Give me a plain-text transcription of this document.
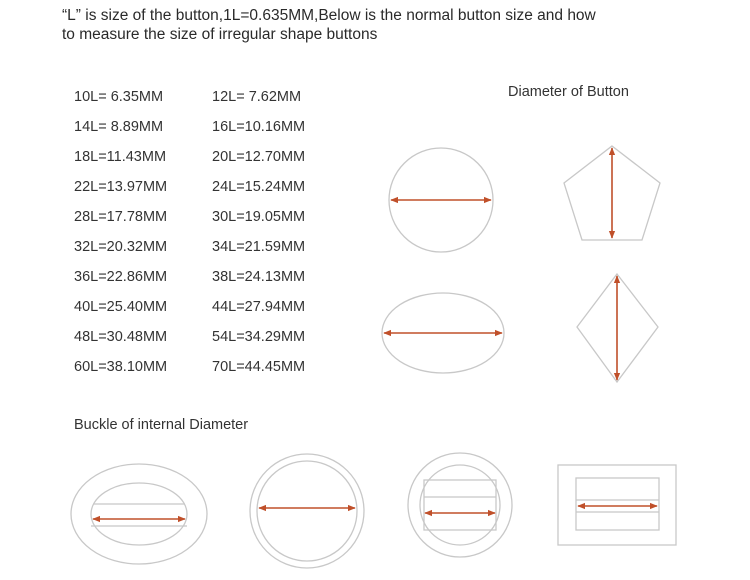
“L” is size of the button,1L=0.635MM,Below is the normal button size and how
to measure the size of irregular shape buttons
10L= 6.35MM	12L= 7.62MM
14L= 8.89MM	16L=10.16MM
18L=11.43MM	20L=12.70MM
22L=13.97MM	24L=15.24MM
28L=17.78MM	30L=19.05MM
32L=20.32MM	34L=21.59MM
36L=22.86MM	38L=24.13MM
40L=25.40MM	44L=27.94MM
48L=30.48MM	54L=34.29MM
60L=38.10MM	70L=44.45MM
Diameter of Button
Buckle of internal Diameter
